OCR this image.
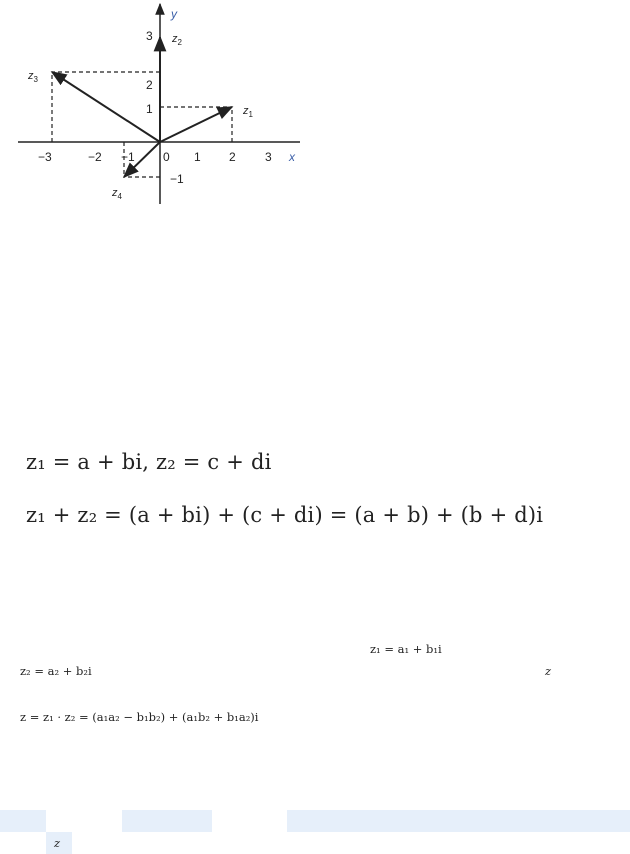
$z_1$
$z_2$
$z_3$
$z_4$
−3	−2 −1 0 1 2 3
3
2
1
−1
x
y
z₁ = a + bi, z₂ = c + di
z₁ + z₂ = (a + bi) + (c + di) = (a + b) + (b + d)i
z₁ = a₁ + b₁i
z₂ = a₂ + b₂i	z
z = z₁ · z₂ = (a₁a₂ − b₁b₂) + (a₁b₂ + b₁a₂)i
z
